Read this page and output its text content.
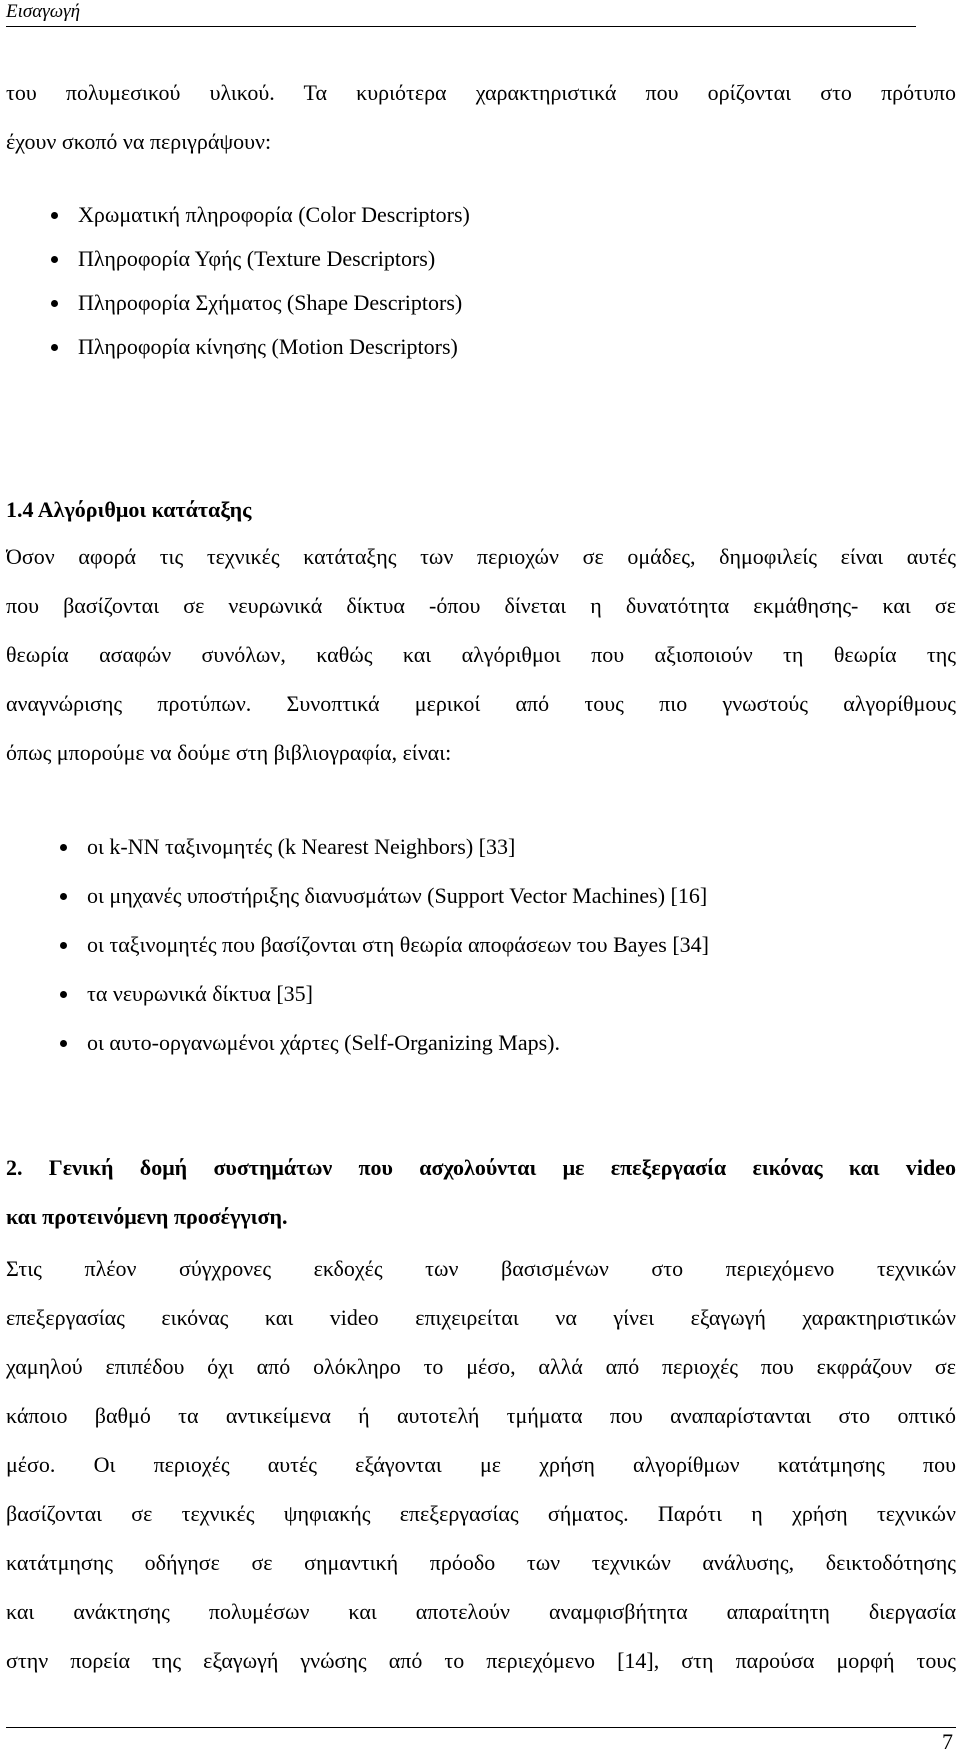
Εισαγωγή
του πολυμεσικού υλικού. Τα κυριότερα χαρακτηριστικά που ορίζονται στο πρότυπο
έχουν σκοπό να περιγράψουν:
Χρωματική πληροφορία (Color Descriptors)
Πληροφορία Υφής (Texture Descriptors)
Πληροφορία Σχήματος (Shape Descriptors)
Πληροφορία κίνησης (Motion Descriptors)
1.4 Αλγόριθμοι κατάταξης
Όσον αφορά τις τεχνικές κατάταξης των περιοχών σε ομάδες, δημοφιλείς είναι αυτές
που βασίζονται σε νευρωνικά δίκτυα -όπου δίνεται η δυνατότητα εκμάθησης- και σε
θεωρία ασαφών συνόλων, καθώς και αλγόριθμοι που αξιοποιούν τη θεωρία της
αναγνώρισης προτύπων. Συνοπτικά μερικοί από τους πιο γνωστούς αλγορίθμους
όπως μπορούμε να δούμε στη βιβλιογραφία, είναι:
οι k-NN ταξινομητές (k Nearest Neighbors) [33]
οι μηχανές υποστήριξης διανυσμάτων (Support Vector Machines) [16]
οι ταξινομητές που βασίζονται στη θεωρία αποφάσεων του Bayes [34]
τα νευρωνικά δίκτυα [35]
οι αυτο-οργανωμένοι χάρτες (Self-Organizing Maps).
2. Γενική δομή συστημάτων που ασχολούνται με επεξεργασία εικόνας και video
και προτεινόμενη προσέγγιση.
Στις πλέον σύγχρονες εκδοχές των βασισμένων στο περιεχόμενο τεχνικών
επεξεργασίας εικόνας και video επιχειρείται να γίνει εξαγωγή χαρακτηριστικών
χαμηλού επιπέδου όχι από ολόκληρο το μέσο, αλλά από περιοχές που εκφράζουν σε
κάποιο βαθμό τα αντικείμενα ή αυτοτελή τμήματα που αναπαρίστανται στο οπτικό
μέσο. Οι περιοχές αυτές εξάγονται με χρήση αλγορίθμων κατάτμησης που
βασίζονται σε τεχνικές ψηφιακής επεξεργασίας σήματος. Παρότι η χρήση τεχνικών
κατάτμησης οδήγησε σε σημαντική πρόοδο των τεχνικών ανάλυσης, δεικτοδότησης
και ανάκτησης πολυμέσων και αποτελούν αναμφισβήτητα απαραίτητη διεργασία
στην πορεία της εξαγωγή γνώσης από το περιεχόμενο [14], στη παρούσα μορφή τους
7
